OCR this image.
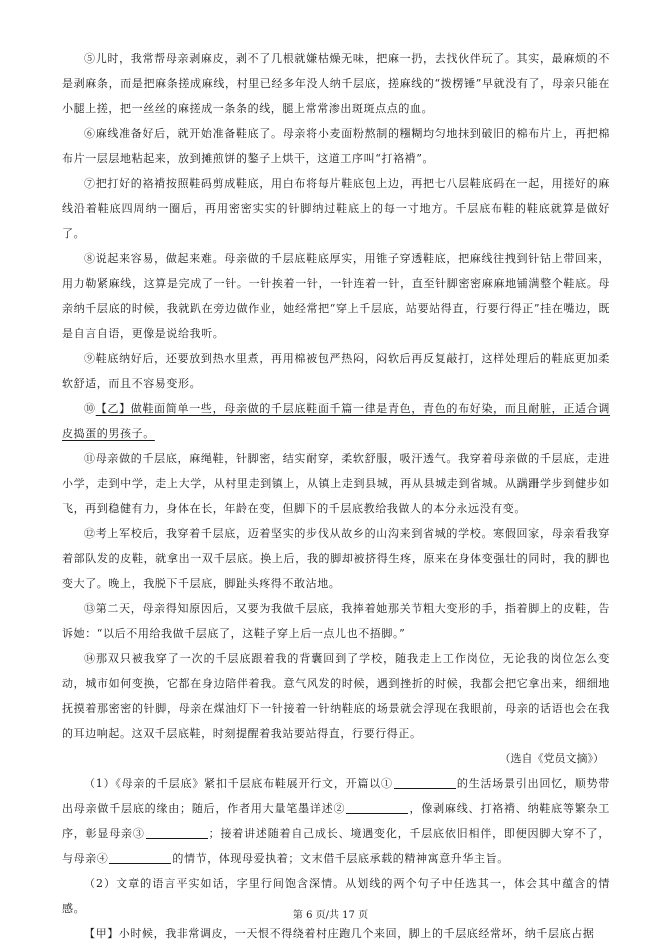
⑤儿时，我常帮母亲剥麻皮，剥不了几根就嫌枯燥无味，把麻一扔，去找伙伴玩了。其实，最麻烦的不是剥麻条，而是把麻条搓成麻线，村里已经多年没人纳千层底，搓麻线的“拨楞锤”早就没有了，母亲只能在小腿上搓，把一丝丝的麻搓成一条条的线，腿上常常渗出斑斑点点的血。

⑥麻线准备好后，就开始准备鞋底了。母亲将小麦面粉熬制的糨糊均匀地抹到破旧的棉布片上，再把棉布片一层层地粘起来，放到摊煎饼的鏊子上烘干，这道工序叫“打袼褙”。

⑦把打好的袼褙按照鞋码剪成鞋底，用白布将每片鞋底包上边，再把七八层鞋底码在一起，用搓好的麻线沿着鞋底四周纳一圈后，再用密密实实的针脚纳过鞋底上的每一寸地方。千层底布鞋的鞋底就算是做好了。

⑧说起来容易，做起来难。母亲做的千层底鞋底厚实，用锥子穿透鞋底，把麻线往拽到针钻上带回来，用力勒紧麻线，这算是完成了一针。一针挨着一针，一针连着一针，直至针脚密密麻麻地铺满整个鞋底。母亲纳千层底的时候，我就趴在旁边做作业，她经常把“穿上千层底，站要站得直，行要行得正”挂在嘴边，既是自言自语，更像是说给我听。

⑨鞋底纳好后，还要放到热水里煮，再用棉被包严热闷，闷软后再反复敲打，这样处理后的鞋底更加柔软舒适，而且不容易变形。

⑩【乙】做鞋面简单一些，母亲做的千层底鞋面千篇一律是青色，青色的布好染，而且耐脏，正适合调皮捣蛋的男孩子。

⑪母亲做的千层底，麻绳鞋，针脚密，结实耐穿，柔软舒服，吸汗透气。我穿着母亲做的千层底，走进小学，走到中学，走上大学，从村里走到镇上，从镇上走到县城，再从县城走到省城。从蹒跚学步到健步如飞，再到稳健有力，身体在长，年龄在变，但脚下的千层底教给我做人的本分永远没有变。

⑫考上军校后，我穿着千层底，迈着坚实的步伐从故乡的山沟来到省城的学校。寒假回家，母亲看我穿着部队发的皮鞋，就拿出一双千层底。换上后，我的脚却被挤得生疼，原来在身体变强壮的同时，我的脚也变大了。晚上，我脱下千层底，脚趾头疼得不敢沾地。

⑬第二天，母亲得知原因后，又要为我做千层底，我捧着她那关节粗大变形的手，指着脚上的皮鞋，告诉她：“以后不用给我做千层底了，这鞋子穿上后一点儿也不捂脚。”

⑭那双只被我穿了一次的千层底跟着我的背囊回到了学校，随我走上工作岗位，无论我的岗位怎么变动，城市如何变换，它都在身边陪伴着我。意气风发的时候，遇到挫折的时候，我都会把它拿出来，细细地抚摸着那密密的针脚，母亲在煤油灯下一针接着一针纳鞋底的场景就会浮现在我眼前，母亲的话语也会在我的耳边响起。这双千层底鞋，时刻提醒着我站要站得直，行要行得正。

（选自《党员文摘》）

（1）《母亲的千层底》紧扣千层底布鞋展开行文，开篇以①	的生活场景引出回忆，顺势带出母亲做千层底的缘由；随后，作者用大量笔墨详述②	，像剥麻线、打袼褙、纳鞋底等繁杂工序，彰显母亲③	；接着讲述随着自己成长、境遇变化，千层底依旧相伴，即便因脚大穿不了，与母亲④	的情节，体现母爱执着；文末借千层底承载的精神寓意升华主旨。

（2）文章的语言平实如话，字里行间饱含深情。从划线的两个句子中任选其一，体会其中蕴含的情感。

【甲】小时候，我非常调皮，一天恨不得绕着村庄跑几个来回，脚上的千层底经常坏，纳千层底占据

第 6 页/共 17 页
